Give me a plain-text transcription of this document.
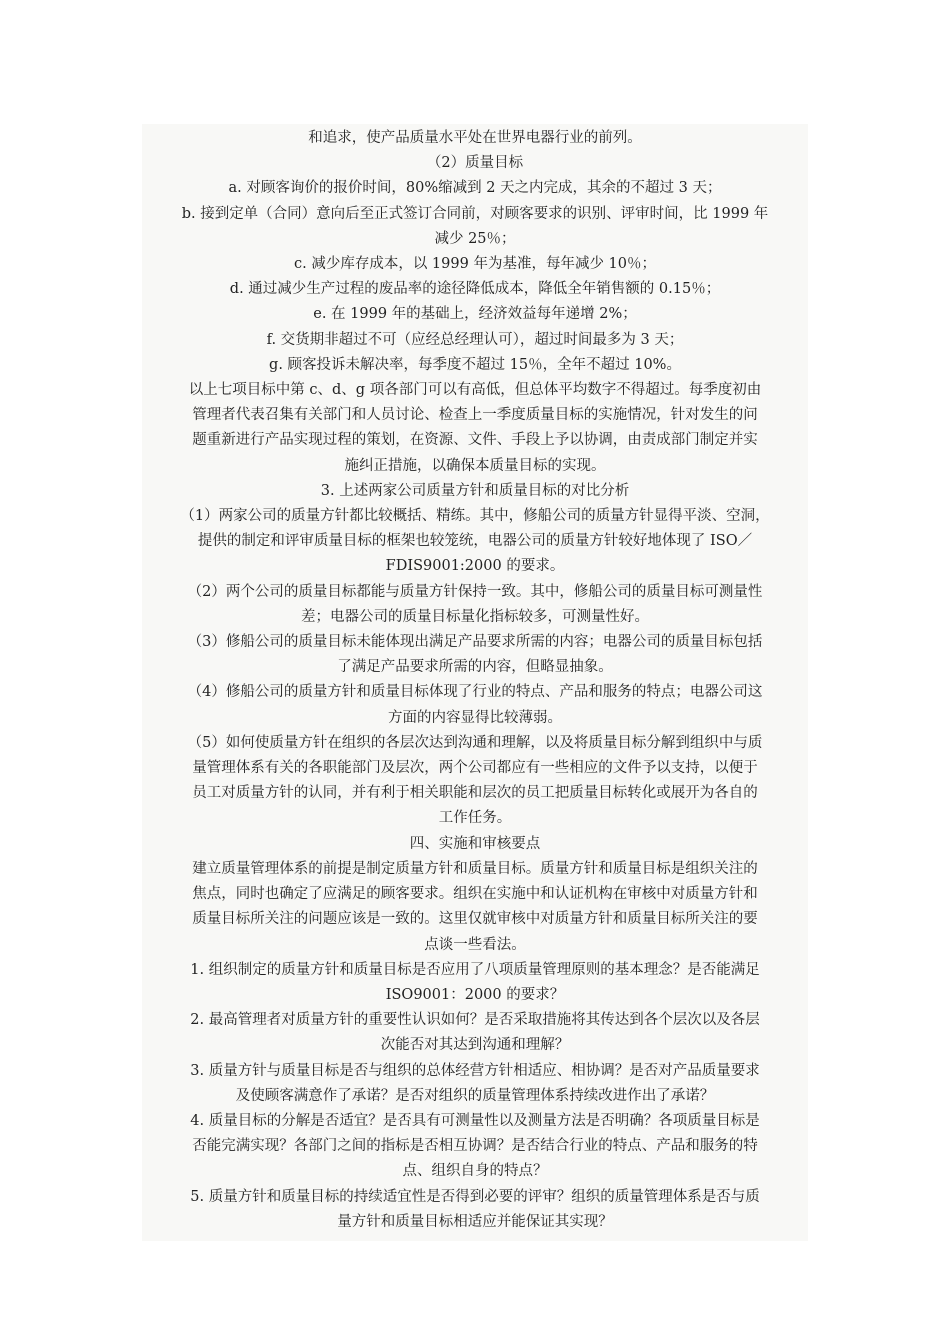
和追求，使产品质量水平处在世界电器行业的前列。
（2）质量目标
a. 对顾客询价的报价时间，80%缩减到 2 天之内完成，其余的不超过 3 天；
b. 接到定单（合同）意向后至正式签订合同前，对顾客要求的识别、评审时间，比 1999 年
减少 25％；
c. 减少库存成本，以 1999 年为基准，每年减少 10％；
d. 通过减少生产过程的废品率的途径降低成本，降低全年销售额的 0.15％；
e. 在 1999 年的基础上，经济效益每年递增 2%；
f. 交货期非超过不可（应经总经理认可），超过时间最多为 3 天；
g. 顾客投诉未解决率，每季度不超过 15％，全年不超过 10%。
以上七项目标中第 c、d、g 项各部门可以有高低，但总体平均数字不得超过。每季度初由
管理者代表召集有关部门和人员讨论、检查上一季度质量目标的实施情况，针对发生的问
题重新进行产品实现过程的策划，在资源、文件、手段上予以协调，由责成部门制定并实
施纠正措施，以确保本质量目标的实现。
3. 上述两家公司质量方针和质量目标的对比分析
（1）两家公司的质量方针都比较概括、精练。其中，修船公司的质量方针显得平淡、空洞，
提供的制定和评审质量目标的框架也较笼统，电器公司的质量方针较好地体现了 ISO／
FDIS9001:2000 的要求。
（2）两个公司的质量目标都能与质量方针保持一致。其中，修船公司的质量目标可测量性
差；电器公司的质量目标量化指标较多，可测量性好。
（3）修船公司的质量目标未能体现出满足产品要求所需的内容；电器公司的质量目标包括
了满足产品要求所需的内容，但略显抽象。
（4）修船公司的质量方针和质量目标体现了行业的特点、产品和服务的特点；电器公司这
方面的内容显得比较薄弱。
（5）如何使质量方针在组织的各层次达到沟通和理解，以及将质量目标分解到组织中与质
量管理体系有关的各职能部门及层次，两个公司都应有一些相应的文件予以支持，以便于
员工对质量方针的认同，并有利于相关职能和层次的员工把质量目标转化或展开为各自的
工作任务。
四、实施和审核要点
建立质量管理体系的前提是制定质量方针和质量目标。质量方针和质量目标是组织关注的
焦点，同时也确定了应满足的顾客要求。组织在实施中和认证机构在审核中对质量方针和
质量目标所关注的问题应该是一致的。这里仅就审核中对质量方针和质量目标所关注的要
点谈一些看法。
1. 组织制定的质量方针和质量目标是否应用了八项质量管理原则的基本理念？是否能满足
ISO9001：2000 的要求？
2. 最高管理者对质量方针的重要性认识如何？是否采取措施将其传达到各个层次以及各层
次能否对其达到沟通和理解？
3. 质量方针与质量目标是否与组织的总体经营方针相适应、相协调？是否对产品质量要求
及使顾客满意作了承诺？是否对组织的质量管理体系持续改进作出了承诺？
4. 质量目标的分解是否适宜？是否具有可测量性以及测量方法是否明确？各项质量目标是
否能完满实现？各部门之间的指标是否相互协调？是否结合行业的特点、产品和服务的特
点、组织自身的特点？
5. 质量方针和质量目标的持续适宜性是否得到必要的评审？组织的质量管理体系是否与质
量方针和质量目标相适应并能保证其实现？
